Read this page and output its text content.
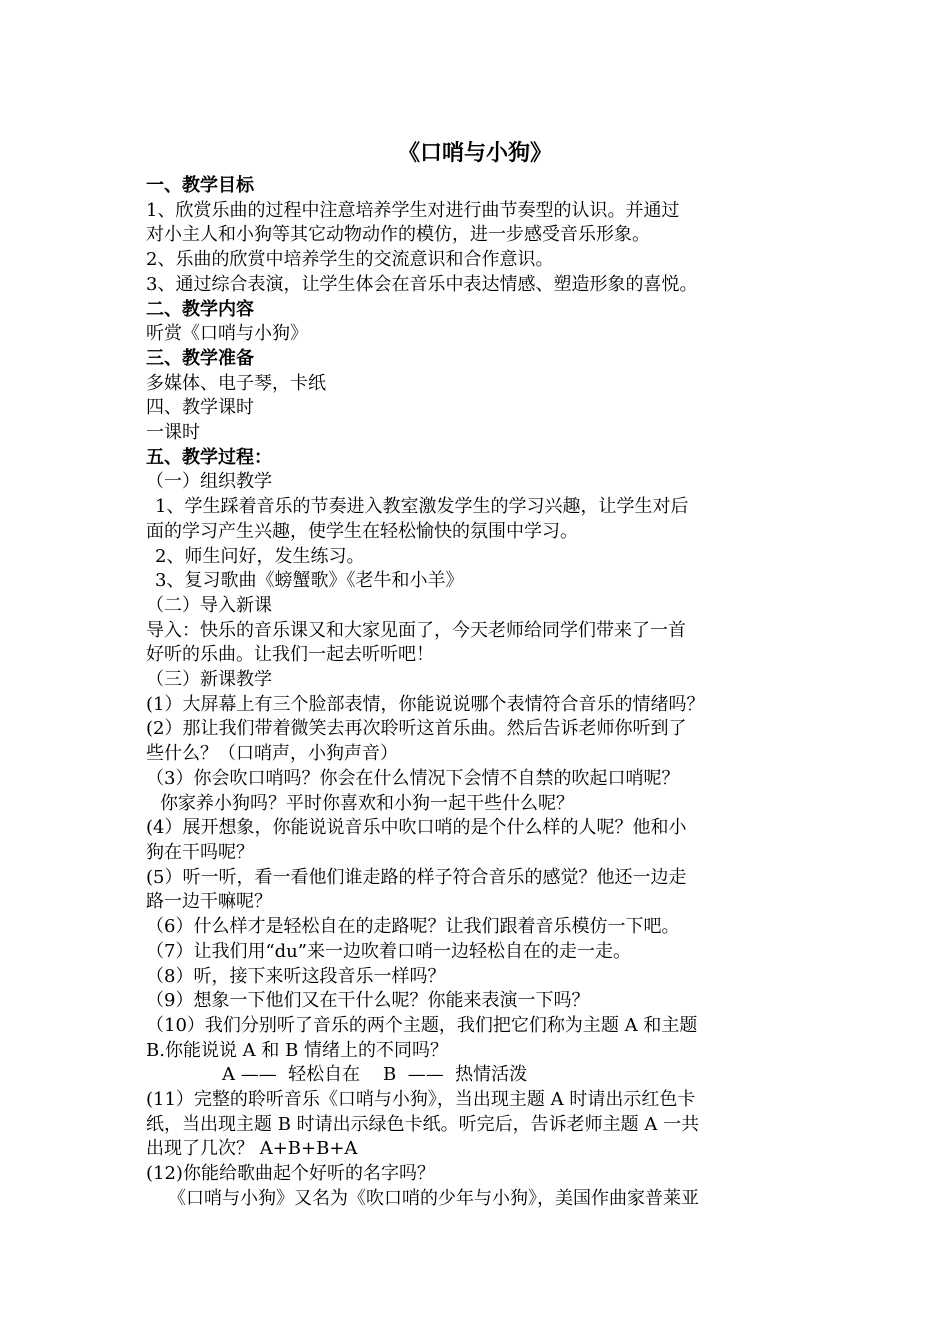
《口哨与小狗》
一、教学目标
1、欣赏乐曲的过程中注意培养学生对进行曲节奏型的认识。并通过
对小主人和小狗等其它动物动作的模仿，进一步感受音乐形象。
2、乐曲的欣赏中培养学生的交流意识和合作意识。
3、通过综合表演，让学生体会在音乐中表达情感、塑造形象的喜悦。
二、教学内容
听赏《口哨与小狗》
三、教学准备
多媒体、电子琴，卡纸
四、教学课时
一课时
五、教学过程：
（一）组织教学
1、学生踩着音乐的节奏进入教室激发学生的学习兴趣，让学生对后
面的学习产生兴趣，使学生在轻松愉快的氛围中学习。
2、师生问好，发生练习。
3、复习歌曲《螃蟹歌》《老牛和小羊》
（二）导入新课
导入：快乐的音乐课又和大家见面了，今天老师给同学们带来了一首
好听的乐曲。让我们一起去听听吧！
（三）新课教学
(1）大屏幕上有三个脸部表情，你能说说哪个表情符合音乐的情绪吗？
(2）那让我们带着微笑去再次聆听这首乐曲。然后告诉老师你听到了
些什么？（口哨声，小狗声音）
（3）你会吹口哨吗？你会在什么情况下会情不自禁的吹起口哨呢？
你家养小狗吗？平时你喜欢和小狗一起干些什么呢？
(4）展开想象，你能说说音乐中吹口哨的是个什么样的人呢？他和小
狗在干吗呢？
(5）听一听，看一看他们谁走路的样子符合音乐的感觉？他还一边走
路一边干嘛呢？
（6）什么样才是轻松自在的走路呢？让我们跟着音乐模仿一下吧。
（7）让我们用“du”来一边吹着口哨一边轻松自在的走一走。
（8）听，接下来听这段音乐一样吗？
（9）想象一下他们又在干什么呢？你能来表演一下吗？
（10）我们分别听了音乐的两个主题，我们把它们称为主题 A 和主题
B.你能说说 A 和 B 情绪上的不同吗？
A ——  轻松自在    B  ——  热情活泼
(11）完整的聆听音乐《口哨与小狗》，当出现主题 A 时请出示红色卡
纸，当出现主题 B 时请出示绿色卡纸。听完后，告诉老师主题 A 一共
出现了几次？ A+B+B+A
(12)你能给歌曲起个好听的名字吗？
《口哨与小狗》又名为《吹口哨的少年与小狗》，美国作曲家普莱亚
